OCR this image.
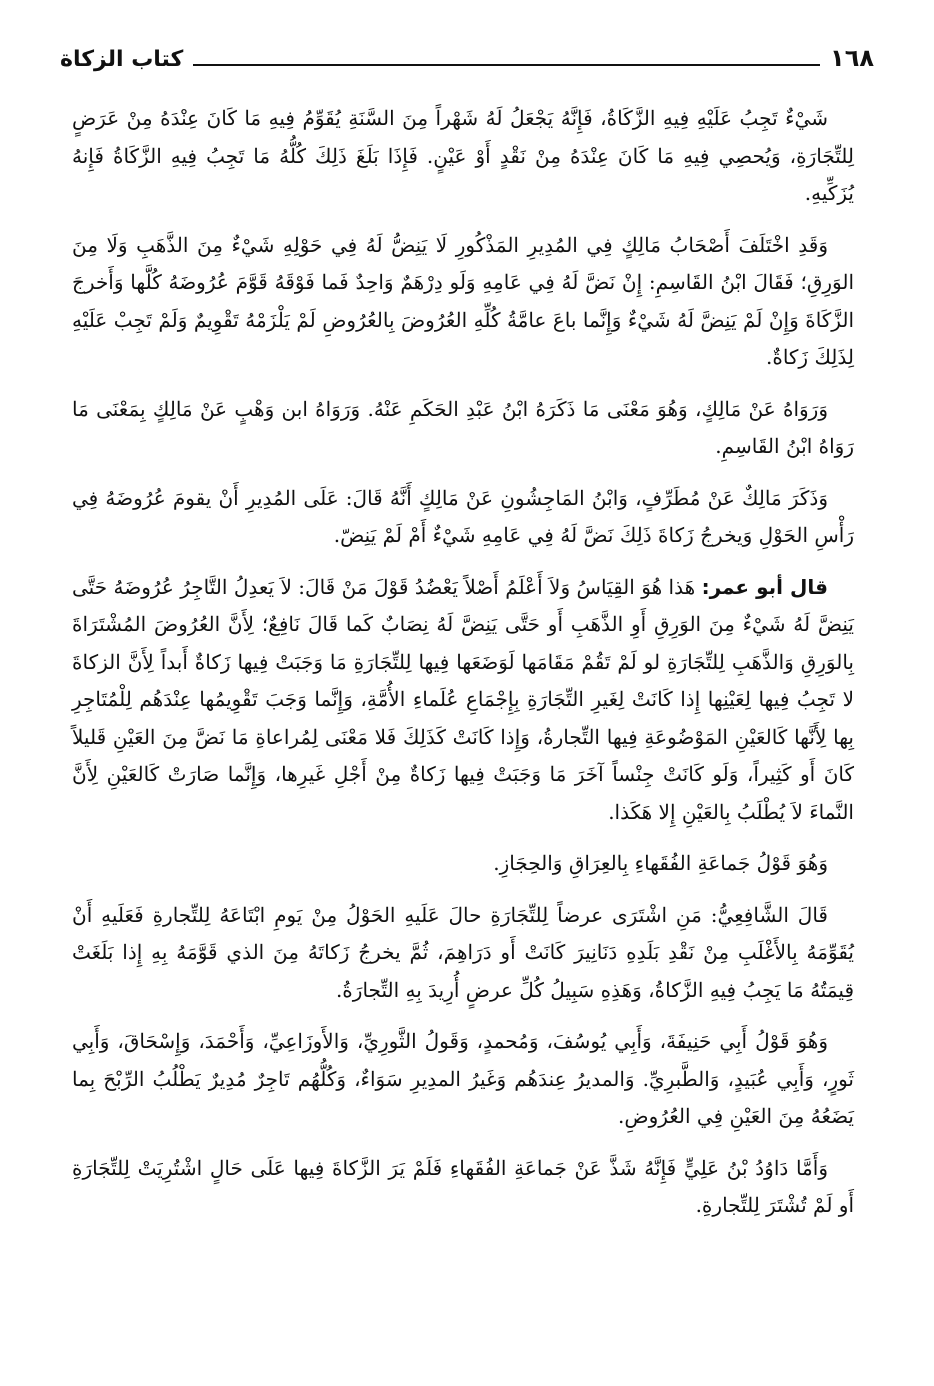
كتاب الزكاة	١٦٨

شَيْءٌ تَجِبُ عَلَيْهِ فِيهِ الزَّكَاةُ، فَإِنَّهُ يَجْعَلُ لَهُ شَهْراً مِنَ السَّنَةِ يُقَوِّمُ فِيهِ مَا كَانَ عِنْدَهُ مِنْ عَرَضٍ لِلتِّجَارَةِ، وَيُحصِي فِيهِ مَا كَانَ عِنْدَهُ مِنْ نَقْدٍ أَوْ عَيْنٍ. فَإِذَا بَلَغَ ذَلِكَ كُلُّهُ مَا تَجِبُ فِيهِ الزَّكَاةُ فَإِنهُ يُزَكِّيهِ.

وَقَدِ اخْتَلَفَ أَصْحَابُ مَالِكٍ فِي المُدِيرِ المَذْكُورِ لَا يَنِضُّ لَهُ فِي حَوْلِهِ شَيْءٌ مِنَ الذَّهَبِ وَلَا مِنَ الوَرِقِ؛ فَقَالَ ابْنُ القَاسِمِ: إِنْ نَضَّ لَهُ فِي عَامِهِ وَلَو دِرْهَمٌ وَاحِدٌ فَما فَوْقَهُ قَوَّمَ عُرُوضَهُ كُلَّها وَأَخرجَ الزَّكَاةَ وَإِنْ لَمْ يَنِضَّ لَهُ شَيْءٌ وَإِنَّما باعَ عامَّةُ كُلِّهِ العُرُوضَ بِالعُرُوضِ لَمْ يَلْزَمْهُ تَقْوِيمٌ وَلَمْ تَجِبْ عَلَيْهِ لِذَلِكَ زَكاةٌ.

وَرَوَاهُ عَنْ مَالِكٍ، وَهُوَ مَعْنَى مَا ذَكَرَهُ ابْنُ عَبْدِ الحَكَمِ عَنْهُ. وَرَوَاهُ ابن وَهْبٍ عَنْ مَالِكٍ بِمَعْنَى مَا رَوَاهُ ابْنُ القَاسِمِ.

وَذَكَرَ مَالِكٌ عَنْ مُطَرِّفٍ، وَابْنُ المَاجِشُونِ عَنْ مَالِكٍ أَنَّهُ قَالَ: عَلَى المُدِيرِ أَنْ يقومَ عُرُوضَهُ فِي رَأْسِ الحَوْلِ وَيخرجُ زَكاةَ ذَلِكَ نَضَّ لَهُ فِي عَامِهِ شَيْءٌ أَمْ لَمْ يَنِضّ.

قال أبو عمر: هَذا هُوَ القِيَاسُ وَلاَ أَعْلَمُ أَصْلاً يَعْضُدُ قَوْلَ مَنْ قَالَ: لاَ يَعدِلُ التَّاجِرُ عُرُوضَهُ حَتَّى يَنِضَّ لَهُ شَيْءٌ مِنَ الوَرِقِ أَوِ الذَّهَبِ أَو حَتَّى يَنِضَّ لَهُ نِصَابٌ كَما قَالَ نَافِعٌ؛ لِأَنَّ العُرُوضَ المُشْتَرَاةَ بِالوَرِقِ وَالذَّهَبِ لِلتِّجَارَةِ لو لَمْ تَقُمْ مَقَامَها لَوَضَعَها فِيها لِلتِّجَارَةِ مَا وَجَبَتْ فِيها زَكاةٌ أَبداً لِأَنَّ الزكاةَ لا تَجِبُ فِيها لِعَيْنِها إِذا كَانَتْ لِغَيرِ التِّجَارَةِ بِإِجْمَاعِ عُلَماءِ الأُمَّةِ، وَإِنَّما وَجَبَ تَقْوِيمُها عِنْدَهُم لِلْمُتَاجِرِ بِها لِأَنَّها كَالعَيْنِ المَوْضُوعَةِ فِيها التِّجارةُ، وَإِذا كَانَتْ كَذَلِكَ فَلا مَعْنَى لِمُراعاةِ مَا نَضَّ مِنَ العَيْنِ قَليلاً كَانَ أَو كَثِيراً، وَلَو كَانَتْ جِنْساً آخَرَ مَا وَجَبَتْ فِيها زَكاةٌ مِنْ أَجْلِ غَيرِها، وَإِنَّما صَارَتْ كَالعَيْنِ لِأَنَّ النَّماءَ لاَ يُطْلَبُ بِالعَيْنِ إِلا هَكَذا.

وَهُوَ قَوْلُ جَماعَةِ الفُقَهاءِ بِالعِرَاقِ وَالحِجَازِ.

قَالَ الشَّافِعِيُّ: مَنِ اشْتَرَى عرضاً لِلتِّجَارَةِ حالَ عَلَيهِ الحَوْلُ مِنْ يَومِ ابْتَاعَهُ لِلتِّجارةِ فَعَلَيهِ أَنْ يُقَوِّمَهُ بِالأَغْلَبِ مِنْ نَقْدِ بَلَدِهِ دَنَانِيرَ كَانَتْ أَو دَرَاهِمَ، ثُمَّ يخرجُ زَكاتَهُ مِنَ الذي قَوَّمَهُ بِهِ إِذا بَلَغَتْ قِيمَتُهُ مَا يَجِبُ فِيهِ الزَّكاةُ، وَهَذِهِ سَبِيلُ كُلِّ عرضٍ أُرِيدَ بِهِ التِّجارَةُ.

وَهُوَ قَوْلُ أَبِي حَنِيفَةَ، وَأَبِي يُوسُفَ، وَمُحمدٍ، وَقَولُ الثَّورِيِّ، وَالأَوزَاعِيِّ، وَأَحْمَدَ، وَإِسْحَاقَ، وَأَبِي ثَورٍ، وَأَبِي عُبَيدٍ، وَالطَّبرِيِّ. وَالمديرُ عِندَهُم وَغَيرُ المدِيرِ سَوَاءٌ، وَكُلُّهُم تَاجِرٌ مُدِيرٌ يَطْلُبُ الرِّبْحَ بِما يَضَعُهُ مِنَ العَيْنِ فِي العُرُوضِ.

وَأَمَّا دَاوُدُ بْنُ عَلِيٍّ فَإِنَّهُ شَذَّ عَنْ جَماعَةِ الفُقَهاءِ فَلَمْ يَرَ الزَّكاةَ فِيها عَلَى حَالٍ اشْتُرِيَتْ لِلتِّجَارَةِ أَو لَمْ تُشْتَرَ لِلتِّجارةِ.
